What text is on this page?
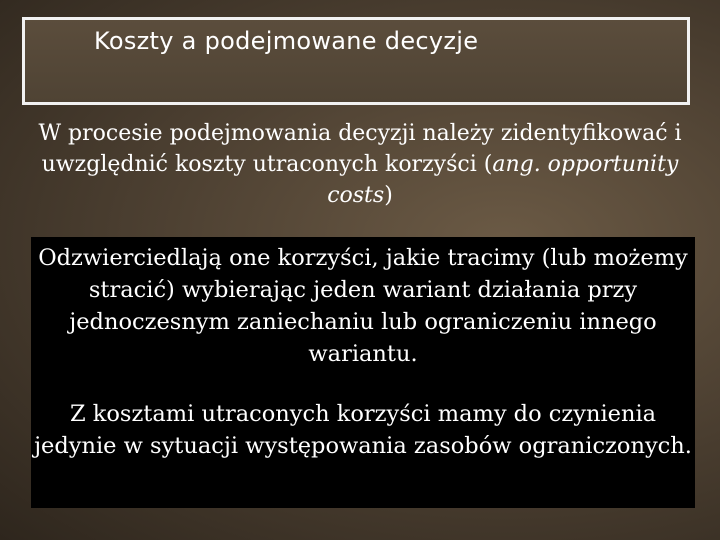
Koszty a podejmowane decyzje
W procesie podejmowania decyzji należy zidentyfikować i uwzględnić koszty utraconych korzyści (ang. opportunity costs)
Odzwierciedlają one korzyści, jakie tracimy (lub możemy stracić) wybierając jeden wariant działania przy jednoczesnym zaniechaniu lub ograniczeniu innego wariantu.
Z kosztami utraconych korzyści mamy do czynienia jedynie w sytuacji występowania zasobów ograniczonych.
